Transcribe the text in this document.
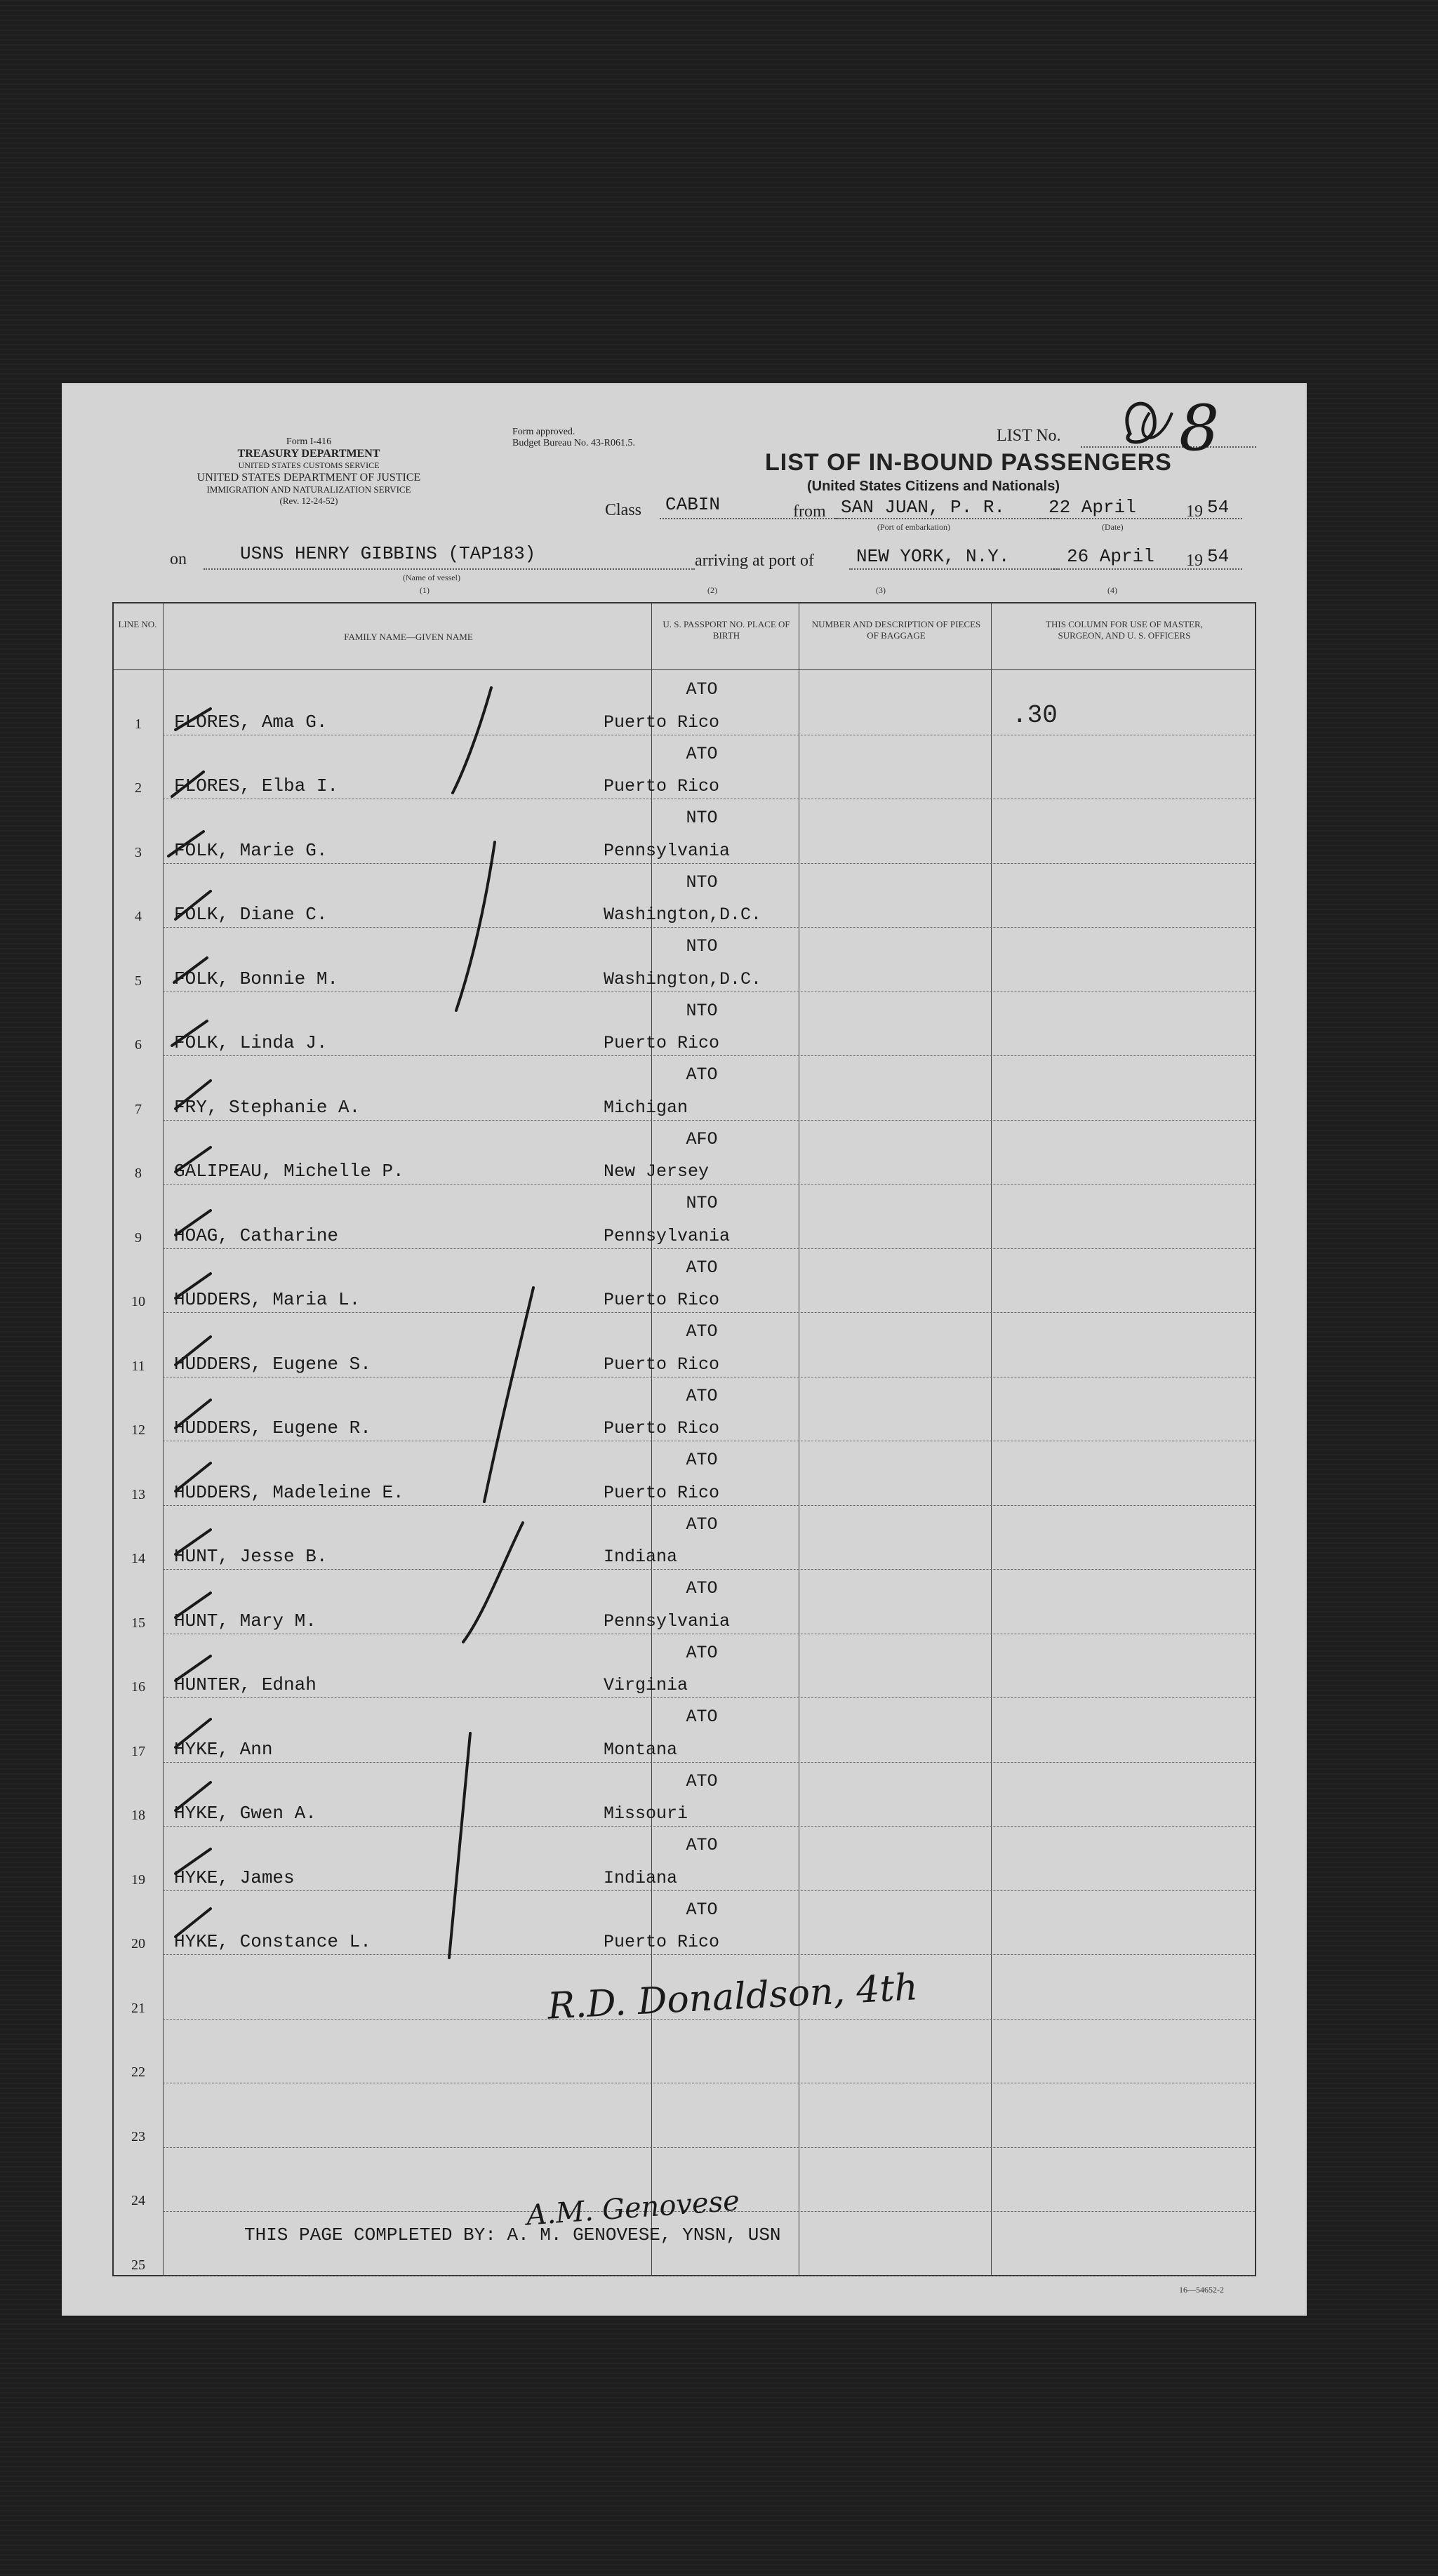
Form I-416
TREASURY DEPARTMENT
UNITED STATES CUSTOMS SERVICE
UNITED STATES DEPARTMENT OF JUSTICE
IMMIGRATION AND NATURALIZATION SERVICE
(Rev. 12-24-52)
Form approved.
Budget Bureau No. 43-R061.5.	LIST No. 8
LIST OF IN-BOUND PASSENGERS
(United States Citizens and Nationals)
Class CABIN	from SAN JUAN, P. R.
(Port of embarkation)
22 April
(Date)
19 54
on	USNS HENRY GIBBINS (TAP183)
(Name of vessel)
arriving at port of NEW YORK, N.Y.	26 April 19 54
(1)	(2)	(3)	(4)
LINE NO.
FAMILY NAME—GIVEN NAME
U. S. PASSPORT NO. PLACE OF BIRTH
NUMBER AND DESCRIPTION OF PIECES OF BAGGAGE
THIS COLUMN FOR USE OF MASTER, SURGEON, AND U. S. OFFICERS
1	FLORES, Ama G.
ATO
Puerto Rico	.30
2	FLORES, Elba I.
ATO
Puerto Rico
3	FOLK, Marie G.
NTO
Pennsylvania
4	FOLK, Diane C.
NTO
Washington,D.C.
5	FOLK, Bonnie M.
NTO
Washington,D.C.
6	FOLK, Linda J.
NTO
Puerto Rico
7	FRY, Stephanie A.
ATO
Michigan
8	GALIPEAU, Michelle P.
AFO
New Jersey
9	HOAG, Catharine
NTO
Pennsylvania
10	HUDDERS, Maria L.
ATO
Puerto Rico
11	HUDDERS, Eugene S.
ATO
Puerto Rico
12	HUDDERS, Eugene R.
ATO
Puerto Rico
13	HUDDERS, Madeleine E.
ATO
Puerto Rico
14	HUNT, Jesse B.
ATO
Indiana
15	HUNT, Mary M.
ATO
Pennsylvania
16	HUNTER, Ednah
ATO
Virginia
17	HYKE, Ann
ATO
Montana
18	HYKE, Gwen A.
ATO
Missouri
19	HYKE, James
ATO
Indiana
20	HYKE, Constance L.
ATO
Puerto Rico
21
22
23
24
25
R.D. Donaldson, 4th
A.M. Genovese
THIS PAGE COMPLETED BY: A. M. GENOVESE, YNSN, USN
16—54652-2
